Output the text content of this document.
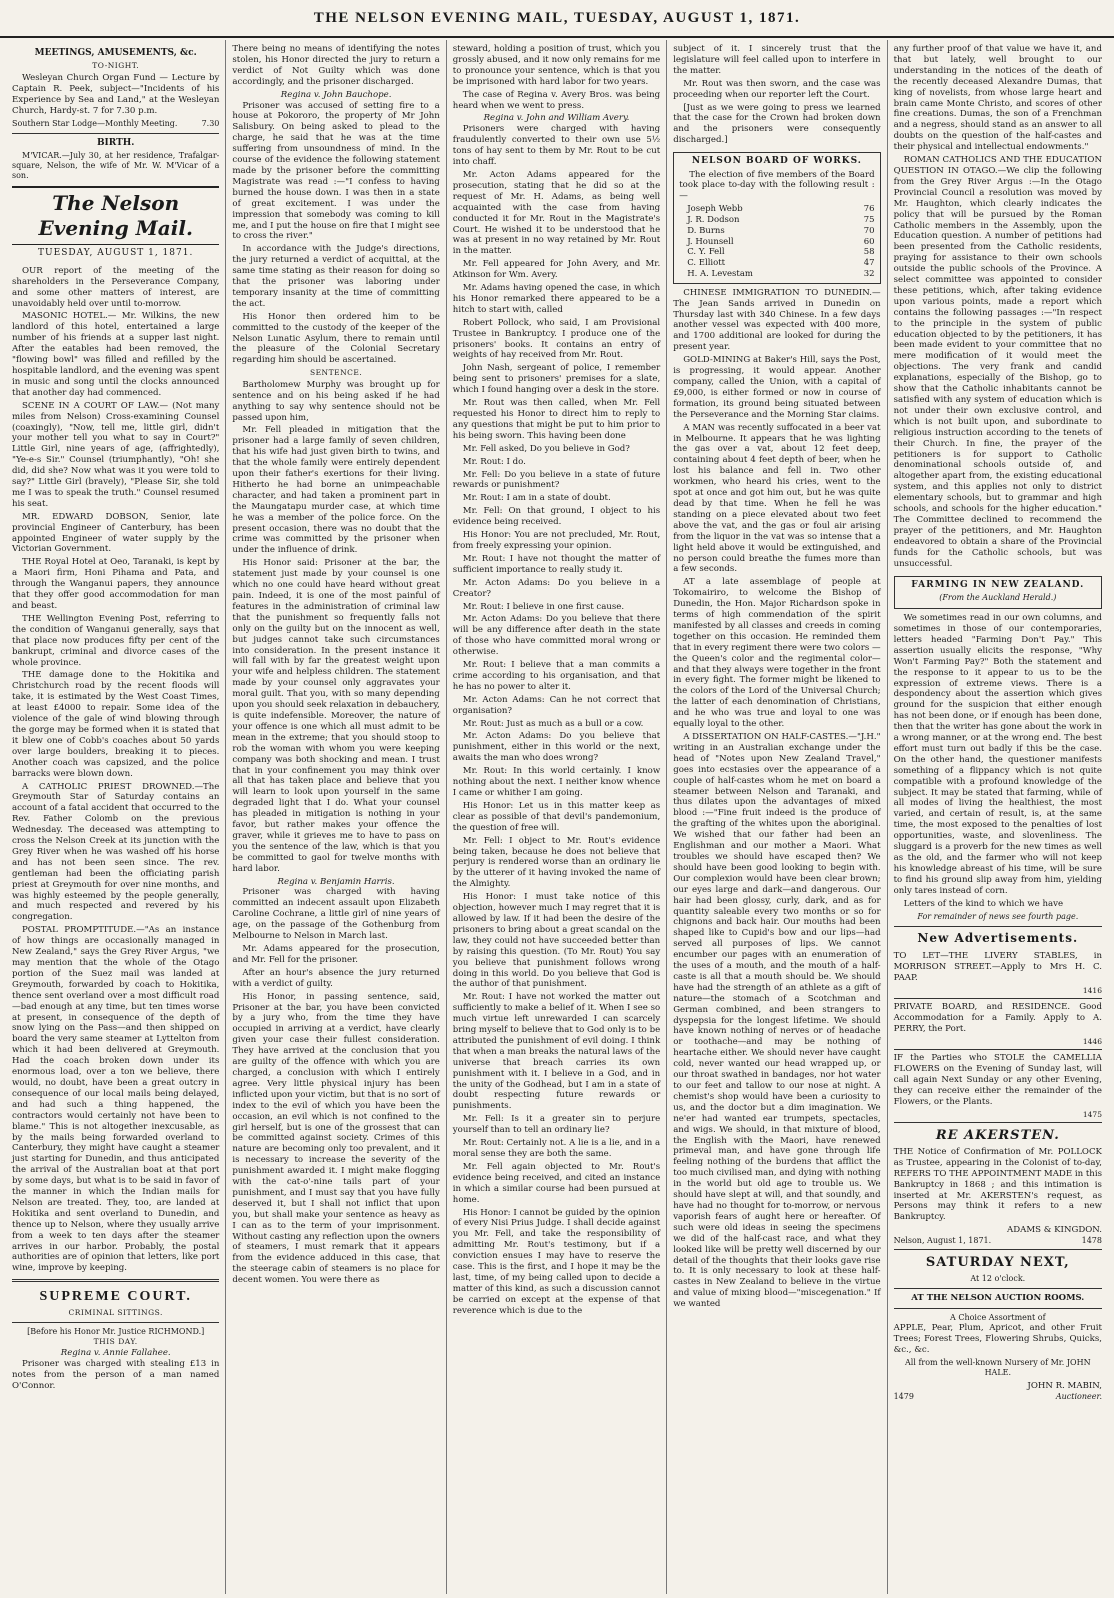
THE NELSON EVENING MAIL, TUESDAY, AUGUST 1, 1871.
MEETINGS, AMUSEMENTS, &c.
TO-NIGHT.

Wesleyan Church Organ Fund — Lecture by Captain R. Peek, subject—"Incidents of his Experience by Sea and Land," at the Wesleyan Church, Hardy-st. 7 for 7.30 p.m.

Southern Star Lodge—Monthly Meeting.	7.30
BIRTH.

M'VICAR.—July 30, at her residence, Trafalgar-square, Nelson, the wife of Mr. W. M'Vicar of a son.

The Nelson Evening Mail.
TUESDAY, AUGUST 1, 1871.

OUR report of the meeting of the shareholders in the Perseverance Company, and some other matters of interest, are unavoidably held over until to-morrow.

MASONIC HOTEL.— Mr. Wilkins, the new landlord of this hotel, entertained a large number of his friends at a supper last night. After the eatables had been removed, the "flowing bowl" was filled and refilled by the hospitable landlord, and the evening was spent in music and song until the clocks announced that another day had commenced.

SCENE IN A COURT OF LAW.— (Not many miles from Nelson) Cross-examining Counsel (coaxingly), "Now, tell me, little girl, didn't your mother tell you what to say in Court?" Little Girl, nine years of age, (affrightedly), "Ye-e-s Sir." Counsel (triumphantly), "Oh! she did, did she? Now what was it you were told to say?" Little Girl (bravely), "Please Sir, she told me I was to speak the truth." Counsel resumed his seat.

MR. EDWARD DOBSON, Senior, late provincial Engineer of Canterbury, has been appointed Engineer of water supply by the Victorian Government.

THE Royal Hotel at Oeo, Taranaki, is kept by a Maori firm, Honi Pihama and Pata, and through the Wanganui papers, they announce that they offer good accommodation for man and beast.

THE Wellington Evening Post, referring to the condition of Wanganui generally, says that that place now produces fifty per cent of the bankrupt, criminal and divorce cases of the whole province.

THE damage done to the Hokitika and Christchurch road by the recent floods will take, it is estimated by the West Coast Times, at least £4000 to repair. Some idea of the violence of the gale of wind blowing through the gorge may be formed when it is stated that it blew one of Cobb's coaches about 50 yards over large boulders, breaking it to pieces. Another coach was capsized, and the police barracks were blown down.

A CATHOLIC PRIEST DROWNED.—The Greymouth Star of Saturday contains an account of a fatal accident that occurred to the Rev. Father Colomb on the previous Wednesday. The deceased was attempting to cross the Nelson Creek at its junction with the Grey River when he was washed off his horse and has not been seen since. The rev. gentleman had been the officiating parish priest at Greymouth for over nine months, and was highly esteemed by the people generally, and much respected and revered by his congregation.

POSTAL PROMPTITUDE.—"As an instance of how things are occasionally managed in New Zealand," says the Grey River Argus, "we may mention that the whole of the Otago portion of the Suez mail was landed at Greymouth, forwarded by coach to Hokitika, thence sent overland over a most difficult road—bad enough at any time, but ten times worse at present, in consequence of the depth of snow lying on the Pass—and then shipped on board the very same steamer at Lyttelton from which it had been delivered at Greymouth. Had the coach broken down under its enormous load, over a ton we believe, there would, no doubt, have been a great outcry in consequence of our local mails being delayed, and had such a thing happened, the contractors would certainly not have been to blame." This is not altogether inexcusable, as by the mails being forwarded overland to Canterbury, they might have caught a steamer just starting for Dunedin, and thus anticipated the arrival of the Australian boat at that port by some days, but what is to be said in favor of the manner in which the Indian mails for Nelson are treated. They, too, are landed at Hokitika and sent overland to Dunedin, and thence up to Nelson, where they usually arrive from a week to ten days after the steamer arrives in our harbor. Probably, the postal authorities are of opinion that letters, like port wine, improve by keeping.

SUPREME COURT.
CRIMINAL SITTINGS.
[Before his Honor Mr. Justice RICHMOND.]
THIS DAY.
Regina v. Annie Fallahee.

Prisoner was charged with stealing £13 in notes from the person of a man named O'Connor.

There being no means of identifying the notes stolen, his Honor directed the jury to return a verdict of Not Guilty which was done accordingly, and the prisoner discharged.

Regina v. John Bauchope.

Prisoner was accused of setting fire to a house at Pokororo, the property of Mr John Salisbury. On being asked to plead to the charge, he said that he was at the time suffering from unsoundness of mind. In the course of the evidence the following statement made by the prisoner before the committing Magistrate was read :—"I confess to having burned the house down. I was then in a state of great excitement. I was under the impression that somebody was coming to kill me, and I put the house on fire that I might see to cross the river."

In accordance with the Judge's directions, the jury returned a verdict of acquittal, at the same time stating as their reason for doing so that the prisoner was laboring under temporary insanity at the time of committing the act.

His Honor then ordered him to be committed to the custody of the keeper of the Nelson Lunatic Asylum, there to remain until the pleasure of the Colonial Secretary regarding him should be ascertained.

SENTENCE.

Bartholomew Murphy was brought up for sentence and on his being asked if he had anything to say why sentence should not be passed upon him,

Mr. Fell pleaded in mitigation that the prisoner had a large family of seven children, that his wife had just given birth to twins, and that the whole family were entirely dependent upon their father's exertions for their living. Hitherto he had borne an unimpeachable character, and had taken a prominent part in the Maungatapu murder case, at which time he was a member of the police force. On the present occasion, there was no doubt that the crime was committed by the prisoner when under the influence of drink.

His Honor said: Prisoner at the bar, the statement just made by your counsel is one which no one could have heard without great pain. Indeed, it is one of the most painful of features in the administration of criminal law that the punishment so frequently falls not only on the guilty but on the innocent as well, but judges cannot take such circumstances into consideration. In the present instance it will fall with by far the greatest weight upon your wife and helpless children. The statement made by your counsel only aggravates your moral guilt. That you, with so many depending upon you should seek relaxation in debauchery, is quite indefensible. Moreover, the nature of your offence is one which all must admit to be mean in the extreme; that you should stoop to rob the woman with whom you were keeping company was both shocking and mean. I trust that in your confinement you may think over all that has taken place and believe that you will learn to look upon yourself in the same degraded light that I do. What your counsel has pleaded in mitigation is nothing in your favor, but rather makes your offence the graver, while it grieves me to have to pass on you the sentence of the law, which is that you be committed to gaol for twelve months with hard labor.

Regina v. Benjamin Harris.

Prisoner was charged with having committed an indecent assault upon Elizabeth Caroline Cochrane, a little girl of nine years of age, on the passage of the Gothenburg from Melbourne to Nelson in March last.

Mr. Adams appeared for the prosecution, and Mr. Fell for the prisoner.

After an hour's absence the jury returned with a verdict of guilty.

His Honor, in passing sentence, said, Prisoner at the bar, you have been convicted by a jury who, from the time they have occupied in arriving at a verdict, have clearly given your case their fullest consideration. They have arrived at the conclusion that you are guilty of the offence with which you are charged, a conclusion with which I entirely agree. Very little physical injury has been inflicted upon your victim, but that is no sort of index to the evil of which you have been the occasion, an evil which is not confined to the girl herself, but is one of the grossest that can be committed against society. Crimes of this nature are becoming only too prevalent, and it is necessary to increase the severity of the punishment awarded it. I might make flogging with the cat-o'-nine tails part of your punishment, and I must say that you have fully deserved it, but I shall not inflict that upon you, but shall make your sentence as heavy as I can as to the term of your imprisonment. Without casting any reflection upon the owners of steamers, I must remark that it appears from the evidence adduced in this case, that the steerage cabin of steamers is no place for decent women. You were there as

steward, holding a position of trust, which you grossly abused, and it now only remains for me to pronounce your sentence, which is that you be imprisoned with hard labor for two years.

The case of Regina v. Avery Bros. was being heard when we went to press.

Regina v. John and William Avery.

Prisoners were charged with having fraudulently converted to their own use 5½ tons of hay sent to them by Mr. Rout to be cut into chaff.

Mr. Acton Adams appeared for the prosecution, stating that he did so at the request of Mr. H. Adams, as being well acquainted with the case from having conducted it for Mr. Rout in the Magistrate's Court. He wished it to be understood that he was at present in no way retained by Mr. Rout in the matter.

Mr. Fell appeared for John Avery, and Mr. Atkinson for Wm. Avery.

Mr. Adams having opened the case, in which his Honor remarked there appeared to be a hitch to start with, called

Robert Pollock, who said, I am Provisional Trustee in Bankruptcy. I produce one of the prisoners' books. It contains an entry of weights of hay received from Mr. Rout.

John Nash, sergeant of police, I remember being sent to prisoners' premises for a slate, which I found hanging over a desk in the store.

Mr. Rout was then called, when Mr. Fell requested his Honor to direct him to reply to any questions that might be put to him prior to his being sworn. This having been done

Mr. Fell asked, Do you believe in God?

Mr. Rout: I do.

Mr. Fell: Do you believe in a state of future rewards or punishment?

Mr. Rout: I am in a state of doubt.

Mr. Fell: On that ground, I object to his evidence being received.

His Honor: You are not precluded, Mr. Rout, from freely expressing your opinion.

Mr. Rout: I have not thought the matter of sufficient importance to really study it.

Mr. Acton Adams: Do you believe in a Creator?

Mr. Rout: I believe in one first cause.

Mr. Acton Adams: Do you believe that there will be any difference after death in the state of those who have committed moral wrong or otherwise.

Mr. Rout: I believe that a man commits a crime according to his organisation, and that he has no power to alter it.

Mr. Acton Adams: Can he not correct that organisation?

Mr. Rout: Just as much as a bull or a cow.

Mr. Acton Adams: Do you believe that punishment, either in this world or the next, awaits the man who does wrong?

Mr. Rout: In this world certainly. I know nothing about the next. I neither know whence I came or whither I am going.

His Honor: Let us in this matter keep as clear as possible of that devil's pandemonium, the question of free will.

Mr. Fell: I object to Mr. Rout's evidence being taken, because he does not believe that perjury is rendered worse than an ordinary lie by the utterer of it having invoked the name of the Almighty.

His Honor: I must take notice of this objection, however much I may regret that it is allowed by law. If it had been the desire of the prisoners to bring about a great scandal on the law, they could not have succeeded better than by raising this question. (To Mr. Rout) You say you believe that punishment follows wrong doing in this world. Do you believe that God is the author of that punishment.

Mr. Rout: I have not worked the matter out sufficiently to make a belief of it. When I see so much virtue left unrewarded I can scarcely bring myself to believe that to God only is to be attributed the punishment of evil doing. I think that when a man breaks the natural laws of the universe that breach carries its own punishment with it. I believe in a God, and in the unity of the Godhead, but I am in a state of doubt respecting future rewards or punishments.

Mr. Fell: Is it a greater sin to perjure yourself than to tell an ordinary lie?

Mr. Rout: Certainly not. A lie is a lie, and in a moral sense they are both the same.

Mr. Fell again objected to Mr. Rout's evidence being received, and cited an instance in which a similar course had been pursued at home.

His Honor: I cannot be guided by the opinion of every Nisi Prius Judge. I shall decide against you Mr. Fell, and take the responsibility of admitting Mr. Rout's testimony, but if a conviction ensues I may have to reserve the case. This is the first, and I hope it may be the last, time, of my being called upon to decide a matter of this kind, as such a discussion cannot be carried on except at the expense of that reverence which is due to the

subject of it. I sincerely trust that the legislature will feel called upon to interfere in the matter.

Mr. Rout was then sworn, and the case was proceeding when our reporter left the Court.

[Just as we were going to press we learned that the case for the Crown had broken down and the prisoners were consequently discharged.]

NELSON BOARD OF WORKS.

The election of five members of the Board took place to-day with the following result :—

Joseph Webb	76
J. R. Dodson	75
D. Burns	70
J. Hounsell	60
C. Y. Fell	58
C. Elliott	47
H. A. Levestam	32

CHINESE IMMIGRATION TO DUNEDIN.—The Jean Sands arrived in Dunedin on Thursday last with 340 Chinese. In a few days another vessel was expected with 400 more, and 1700 additional are looked for during the present year.

GOLD-MINING at Baker's Hill, says the Post, is progressing, it would appear. Another company, called the Union, with a capital of £9,000, is either formed or now in course of formation, its ground being situated between the Perseverance and the Morning Star claims.

A MAN was recently suffocated in a beer vat in Melbourne. It appears that he was lighting the gas over a vat, about 12 feet deep, containing about 4 feet depth of beer, when he lost his balance and fell in. Two other workmen, who heard his cries, went to the spot at once and got him out, but he was quite dead by that time. When he fell he was standing on a piece elevated about two feet above the vat, and the gas or foul air arising from the liquor in the vat was so intense that a light held above it would be extinguished, and no person could breathe the fumes more than a few seconds.

AT a late assemblage of people at Tokomairiro, to welcome the Bishop of Dunedin, the Hon. Major Richardson spoke in terms of high commendation of the spirit manifested by all classes and creeds in coming together on this occasion. He reminded them that in every regiment there were two colors — the Queen's color and the regimental color— and that they always were together in the front in every fight. The former might be likened to the colors of the Lord of the Universal Church; the latter of each denomination of Christians, and he who was true and loyal to one was equally loyal to the other.

A DISSERTATION ON HALF-CASTES.—"J.H." writing in an Australian exchange under the head of "Notes upon New Zealand Travel," goes into ecstasies over the appearance of a couple of half-castes whom he met on board a steamer between Nelson and Taranaki, and thus dilates upon the advantages of mixed blood :—"Fine fruit indeed is the produce of the grafting of the whites upon the aboriginal. We wished that our father had been an Englishman and our mother a Maori. What troubles we should have escaped then? We should have been good looking to begin with. Our complexion would have been clear brown; our eyes large and dark—and dangerous. Our hair had been glossy, curly, dark, and as for quantity saleable every two months or so for chignons and back hair. Our mouths had been shaped like to Cupid's bow and our lips—had served all purposes of lips. We cannot encumber our pages with an enumeration of the uses of a mouth, and the mouth of a half-caste is all that a mouth should be. We should have had the strength of an athlete as a gift of nature—the stomach of a Scotchman and German combined, and been strangers to dyspepsia for the longest lifetime. We should have known nothing of nerves or of headache or toothache—and may be nothing of heartache either. We should never have caught cold, never wanted our head wrapped up, or our throat swathed in bandages, nor hot water to our feet and tallow to our nose at night. A chemist's shop would have been a curiosity to us, and the doctor but a dim imagination. We ne'er had wanted ear trumpets, spectacles, and wigs. We should, in that mixture of blood, the English with the Maori, have renewed primeval man, and have gone through life feeling nothing of the burdens that afflict the too much civilised man, and dying with nothing in the world but old age to trouble us. We should have slept at will, and that soundly, and have had no thought for to-morrow, or nervous vaporish fears of aught here or hereafter. Of such were old ideas in seeing the specimens we did of the half-cast race, and what they looked like will be pretty well discerned by our detail of the thoughts that their looks gave rise to. It is only necessary to look at these half-castes in New Zealand to believe in the virtue and value of mixing blood—"miscegenation." If we wanted

any further proof of that value we have it, and that but lately, well brought to our understanding in the notices of the death of the recently deceased Alexandre Dumas, that king of novelists, from whose large heart and brain came Monte Christo, and scores of other fine creations. Dumas, the son of a Frenchman and a negress, should stand as an answer to all doubts on the question of the half-castes and their physical and intellectual endowments."

ROMAN CATHOLICS AND THE EDUCATION QUESTION IN OTAGO.—We clip the following from the Grey River Argus :—In the Otago Provincial Council a resolution was moved by Mr. Haughton, which clearly indicates the policy that will be pursued by the Roman Catholic members in the Assembly, upon the Education question. A number of petitions had been presented from the Catholic residents, praying for assistance to their own schools outside the public schools of the Province. A select committee was appointed to consider these petitions, which, after taking evidence upon various points, made a report which contains the following passages :—"In respect to the principle in the system of public education objected to by the petitioners, it has been made evident to your committee that no mere modification of it would meet the objections. The very frank and candid explanations, especially of the Bishop, go to show that the Catholic inhabitants cannot be satisfied with any system of education which is not under their own exclusive control, and which is not built upon, and subordinate to religious instruction according to the tenets of their Church. In fine, the prayer of the petitioners is for support to Catholic denominational schools outside of, and altogether apart from, the existing educational system, and this applies not only to district elementary schools, but to grammar and high schools, and schools for the higher education." The Committee declined to recommend the prayer of the petitioners, and Mr. Haughton endeavored to obtain a share of the Provincial funds for the Catholic schools, but was unsuccessful.

FARMING IN NEW ZEALAND.
(From the Auckland Herald.)

We sometimes read in our own columns, and sometimes in those of our contemporaries, letters headed "Farming Don't Pay." This assertion usually elicits the response, "Why Won't Farming Pay?" Both the statement and the response to it appear to us to be the expression of extreme views. There is a despondency about the assertion which gives ground for the suspicion that either enough has not been done, or if enough has been done, then that the writer has gone about the work in a wrong manner, or at the wrong end. The best effort must turn out badly if this be the case. On the other hand, the questioner manifests something of a flippancy which is not quite compatible with a profound knowledge of the subject. It may be stated that farming, while of all modes of living the healthiest, the most varied, and certain of result, is, at the same time, the most exposed to the penalties of lost opportunities, waste, and slovenliness. The sluggard is a proverb for the new times as well as the old, and the farmer who will not keep his knowledge abreast of his time, will be sure to find his ground slip away from him, yielding only tares instead of corn.

Letters of the kind to which we have

For remainder of news see fourth page.
New Advertisements.

TO LET—THE LIVERY STABLES, in MORRISON STREET.—Apply to Mrs H. C. PAAP.

1416

PRIVATE BOARD, and RESIDENCE. Good Accommodation for a Family. Apply to A. PERRY, the Port.

1446

IF the Parties who STOLE the CAMELLIA FLOWERS on the Evening of Sunday last, will call again Next Sunday or any other Evening, they can receive either the remainder of the Flowers, or the Plants.

1475
RE AKERSTEN.

THE Notice of Confirmation of Mr. POLLOCK as Trustee, appearing in the Colonist of to-day, REFERS TO THE APPOINTMENT MADE in this Bankruptcy in 1868 ; and this intimation is inserted at Mr. AKERSTEN's request, as Persons may think it refers to a new Bankruptcy.

ADAMS & KINGDON.
Nelson, August 1, 1871.	1478
SATURDAY NEXT,
At 12 o'clock.
AT THE NELSON AUCTION ROOMS.
A Choice Assortment of

APPLE, Pear, Plum, Apricot, and other Fruit Trees; Forest Trees, Flowering Shrubs, Quicks, &c., &c.

All from the well-known Nursery of Mr. JOHN HALE.
JOHN R. MABIN,
1479	Auctioneer.
